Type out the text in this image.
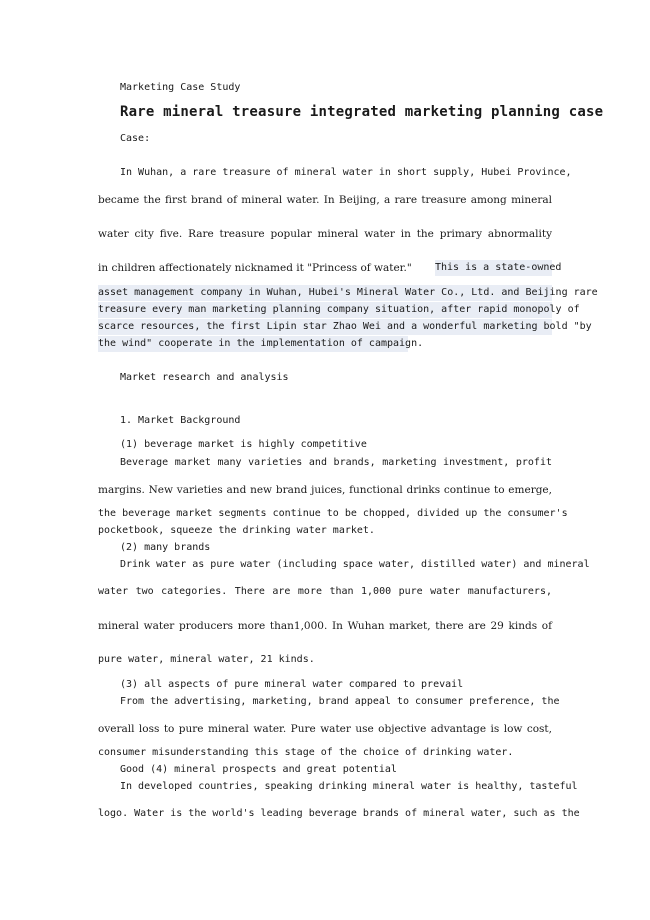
Marketing Case Study

Rare mineral treasure integrated marketing planning case

Case:

In Wuhan, a rare treasure of mineral water in short supply, Hubei Province,

became the first brand of mineral water. In Beijing, a rare treasure among mineral

water city five. Rare treasure popular mineral water in the primary abnormality

in children affectionately nicknamed it "Princess of water."	This is a state-owned

asset management company in Wuhan, Hubei's Mineral Water Co., Ltd. and Beijing rare

treasure every man marketing planning company situation, after rapid monopoly of

scarce resources, the first Lipin star Zhao Wei and a wonderful marketing bold "by

the wind" cooperate in the implementation of campaign.

Market research and analysis

1. Market Background

(1) beverage market is highly competitive

Beverage market many varieties and brands, marketing investment, profit

margins. New varieties and new brand juices, functional drinks continue to emerge,

the beverage market segments continue to be chopped, divided up the consumer's

pocketbook, squeeze the drinking water market.

(2) many brands

Drink water as pure water (including space water, distilled water) and mineral

water two categories. There are more than 1,000 pure water manufacturers,

mineral water producers more than1,000. In Wuhan market, there are 29 kinds of

pure water, mineral water, 21 kinds.

(3) all aspects of pure mineral water compared to prevail

From the advertising, marketing, brand appeal to consumer preference, the

overall loss to pure mineral water. Pure water use objective advantage is low cost,

consumer misunderstanding this stage of the choice of drinking water.

Good (4) mineral prospects and great potential

In developed countries, speaking drinking mineral water is healthy, tasteful

logo. Water is the world's leading beverage brands of mineral water, such as the
